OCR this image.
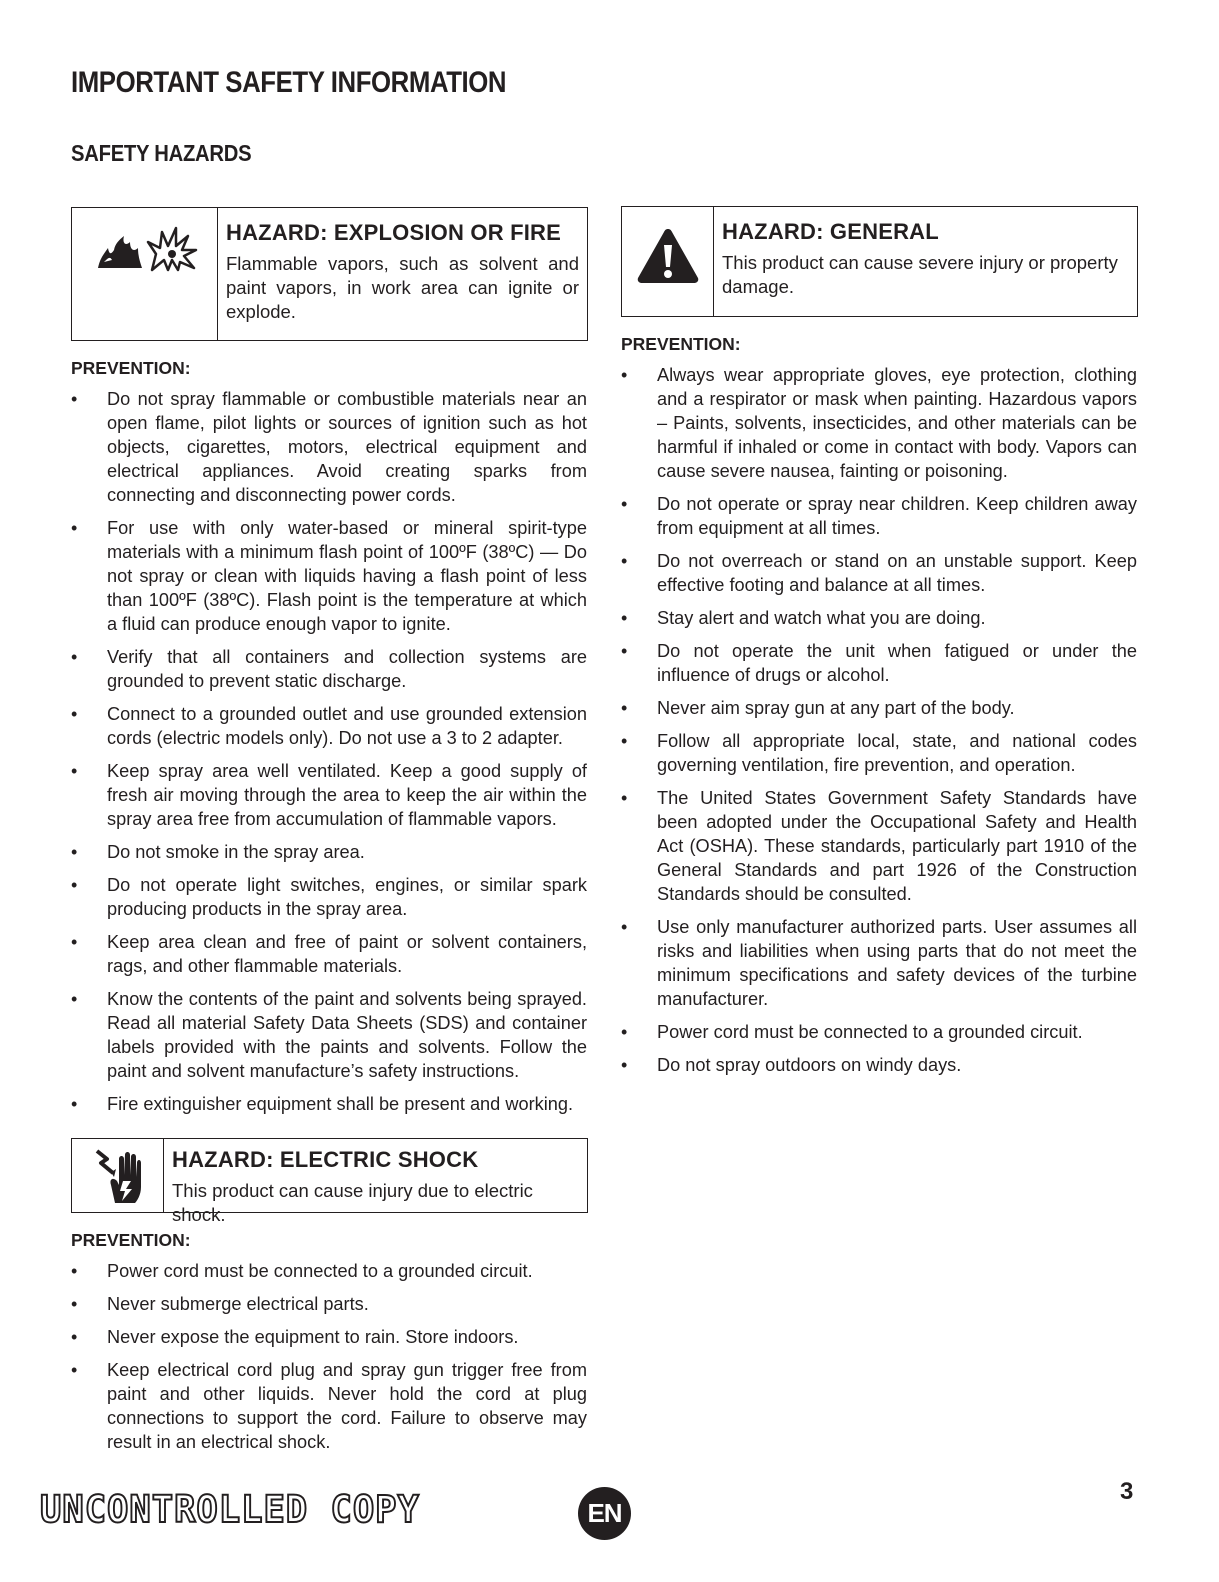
IMPORTANT SAFETY INFORMATION
SAFETY HAZARDS

HAZARD: EXPLOSION OR FIRE

Flammable vapors, such as solvent and paint vapors, in work area can ignite or explode.

PREVENTION:

• Do not spray flammable or combustible materials near an open flame, pilot lights or sources of ignition such as hot objects, cigarettes, motors, electrical equipment and electrical appliances. Avoid creating sparks from connecting and disconnecting power cords.
• For use with only water-based or mineral spirit-type materials with a minimum flash point of 100ºF (38ºC) — Do not spray or clean with liquids having a flash point of less than 100ºF (38ºC). Flash point is the temperature at which a fluid can produce enough vapor to ignite.
• Verify that all containers and collection systems are grounded to prevent static discharge.
• Connect to a grounded outlet and use grounded extension cords (electric models only). Do not use a 3 to 2 adapter.
• Keep spray area well ventilated. Keep a good supply of fresh air moving through the area to keep the air within the spray area free from accumulation of flammable vapors.
• Do not smoke in the spray area.
• Do not operate light switches, engines, or similar spark producing products in the spray area.
• Keep area clean and free of paint or solvent containers, rags, and other flammable materials.
• Know the contents of the paint and solvents being sprayed. Read all material Safety Data Sheets (SDS) and container labels provided with the paints and solvents. Follow the paint and solvent manufacture’s safety instructions.
• Fire extinguisher equipment shall be present and working.

HAZARD: ELECTRIC SHOCK

This product can cause injury due to electric shock.

PREVENTION:

• Power cord must be connected to a grounded circuit.
• Never submerge electrical parts.
• Never expose the equipment to rain. Store indoors.
• Keep electrical cord plug and spray gun trigger free from paint and other liquids. Never hold the cord at plug connections to support the cord. Failure to observe may result in an electrical shock.

HAZARD: GENERAL

This product can cause severe injury or property damage.

PREVENTION:

• Always wear appropriate gloves, eye protection, clothing and a respirator or mask when painting. Hazardous vapors – Paints, solvents, insecticides, and other materials can be harmful if inhaled or come in contact with body. Vapors can cause severe nausea, fainting or poisoning.
• Do not operate or spray near children. Keep children away from equipment at all times.
• Do not overreach or stand on an unstable support. Keep effective footing and balance at all times.
• Stay alert and watch what you are doing.
• Do not operate the unit when fatigued or under the influence of drugs or alcohol.
• Never aim spray gun at any part of the body.
• Follow all appropriate local, state, and national codes governing ventilation, fire prevention, and operation.
• The United States Government Safety Standards have been adopted under the Occupational Safety and Health Act (OSHA). These standards, particularly part 1910 of the General Standards and part 1926 of the Construction Standards should be consulted.
• Use only manufacturer authorized parts. User assumes all risks and liabilities when using parts that do not meet the minimum specifications and safety devices of the turbine manufacturer.
• Power cord must be connected to a grounded circuit.
• Do not spray outdoors on windy days.

UNCONTROLLED COPY	EN

3
